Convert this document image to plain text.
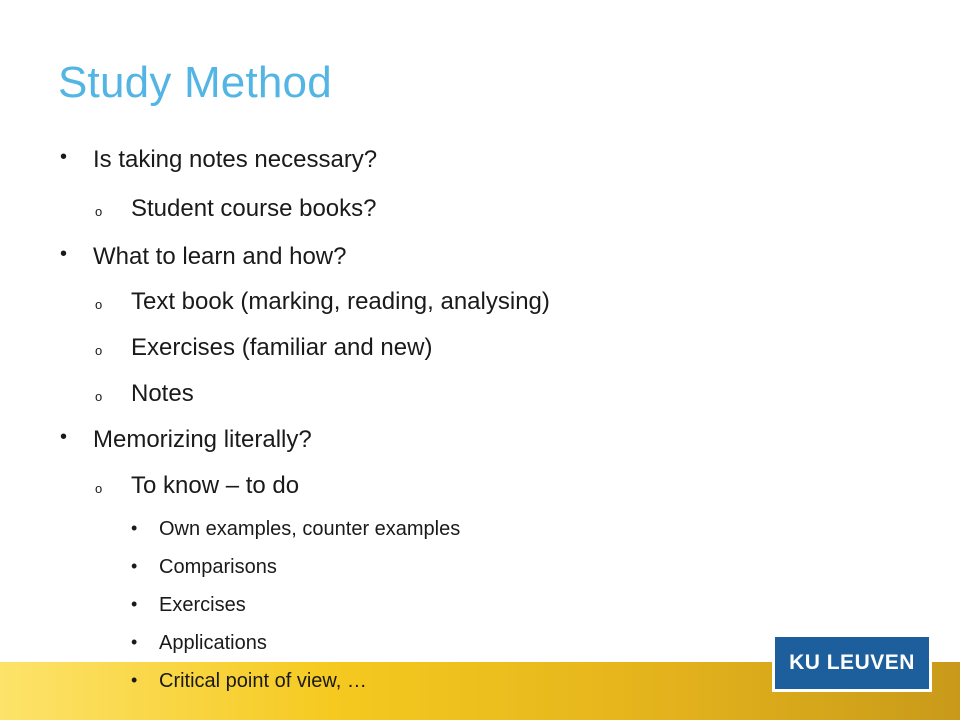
Study Method
• Is taking notes necessary?
o Student course books?
• What to learn and how?
o Text book (marking, reading, analysing)
o Exercises (familiar and new)
o Notes
• Memorizing literally?
o To know – to do
• Own examples, counter examples
• Comparisons
• Exercises
• Applications
• Critical point of view, …
KU LEUVEN
